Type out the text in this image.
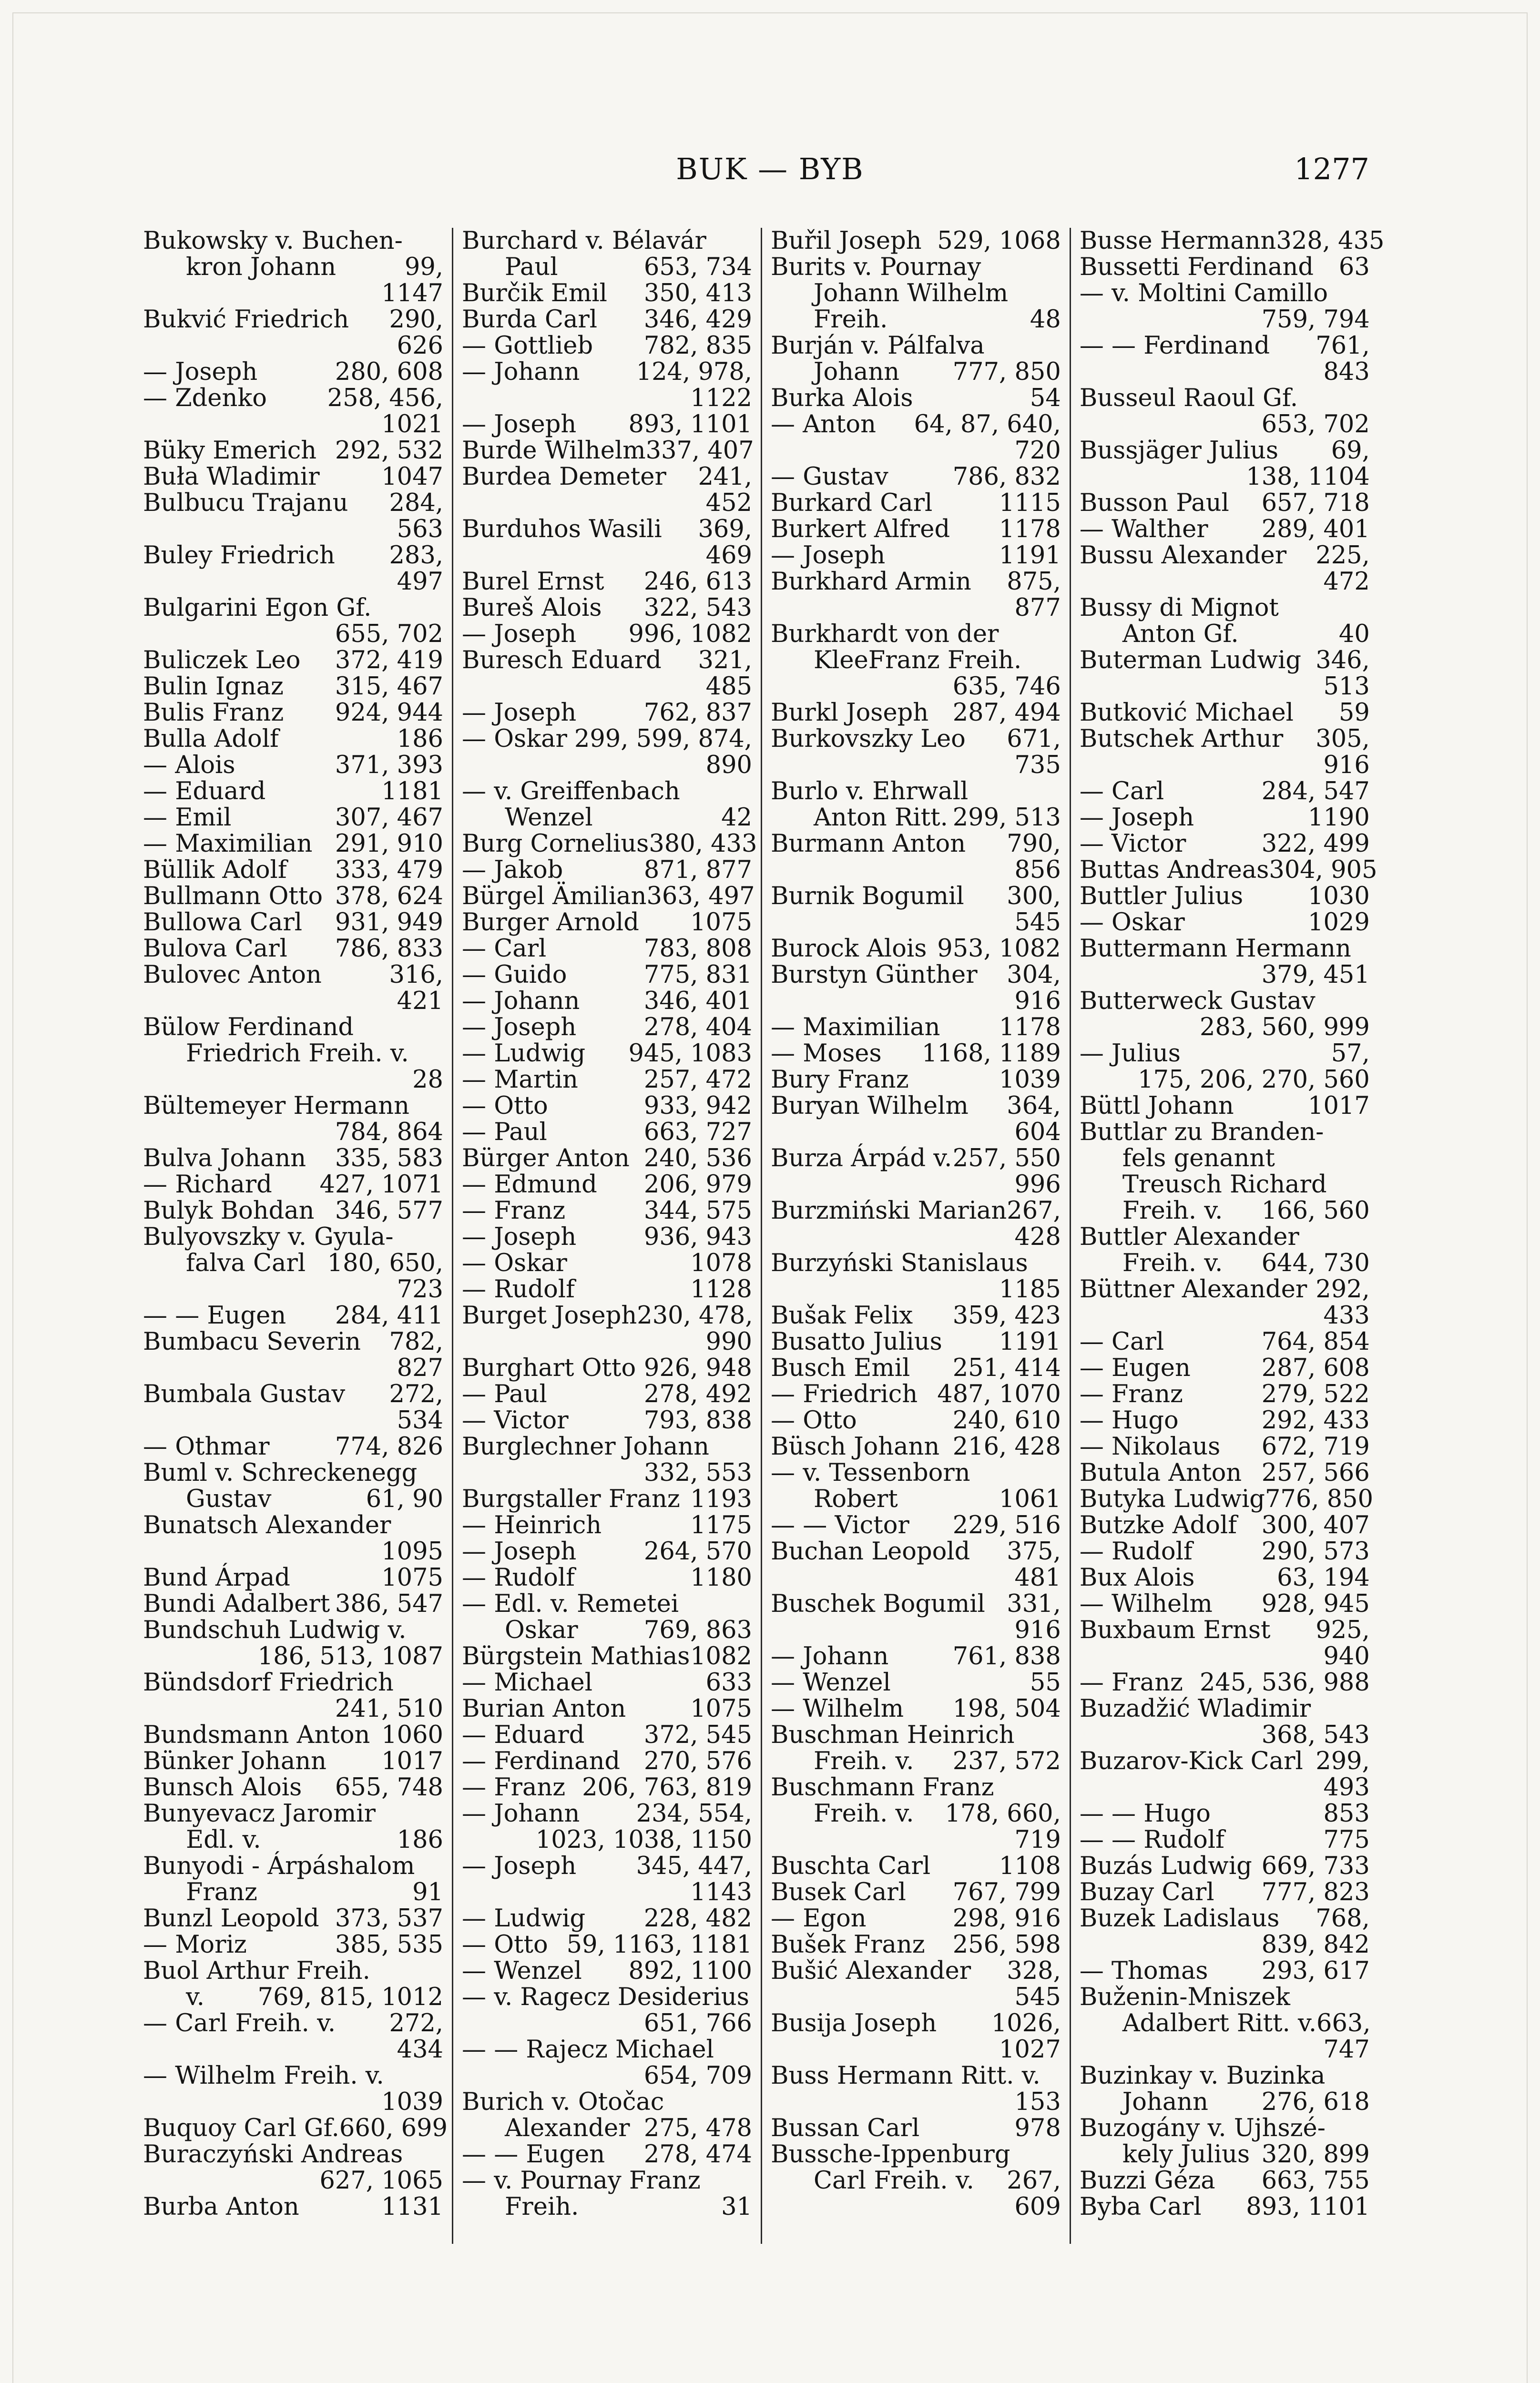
BUK — BYB	1277
Bukowsky v. Buchen-
kron Johann	99,
1147
Bukvić Friedrich 290,
626
— Joseph	280, 608
— Zdenko 258, 456,
1021
Büky Emerich 292, 532
Buła Wladimir	1047
Bulbucu Trajanu 284,
563
Buley Friedrich 283,
497
Bulgarini Egon Gf.
655, 702
Buliczek Leo 372, 419
Bulin Ignaz 315, 467
Bulis Franz 924, 944
Bulla Adolf	186
— Alois	371, 393
— Eduard	1181
— Emil	307, 467
— Maximilian 291, 910
Büllik Adolf 333, 479
Bullmann Otto 378, 624
Bullowa Carl 931, 949
Bulova Carl 786, 833
Bulovec Anton	316,
421
Bülow Ferdinand
Friedrich Freih. v.
28
Bültemeyer Hermann
784, 864
Bulva Johann 335, 583
— Richard 427, 1071
Bulyk Bohdan 346, 577
Bulyovszky v. Gyula-
falva Carl 180, 650,
723
— — Eugen 284, 411
Bumbacu Severin 782,
827
Bumbala Gustav 272,
534
— Othmar	774, 826
Buml v. Schreckenegg
Gustav	61, 90
Bunatsch Alexander
1095
Bund Árpad	1075
Bundi Adalbert 386, 547
Bundschuh Ludwig v.
186, 513, 1087
Bündsdorf Friedrich
241, 510
Bundsmann Anton 1060
Bünker Johann 1017
Bunsch Alois 655, 748
Bunyevacz Jaromir
Edl. v.	186
Bunyodi - Árpáshalom
Franz	91
Bunzl Leopold 373, 537
— Moriz	385, 535
Buol Arthur Freih.
v. 769, 815, 1012
— Carl Freih. v. 272,
434
— Wilhelm Freih. v.
1039
Buquoy Carl Gf. 660, 699
Buraczyński Andreas
627, 1065
Burba Anton	1131
Burchard v. Bélavár
Paul	653, 734
Burčik Emil 350, 413
Burda Carl 346, 429
— Gottlieb 782, 835
— Johann 124, 978,
1122
— Joseph 893, 1101
Burde Wilhelm 337, 407
Burdea Demeter 241,
452
Burduhos Wasili 369,
469
Burel Ernst 246, 613
Bureš Alois 322, 543
— Joseph 996, 1082
Buresch Eduard 321,
485
— Joseph	762, 837
— Oskar 299, 599, 874,
890
— v. Greiffenbach
Wenzel	42
Burg Cornelius 380, 433
— Jakob	871, 877
Bürgel Ämilian 363, 497
Burger Arnold 1075
— Carl	783, 808
— Guido	775, 831
— Johann	346, 401
— Joseph	278, 404
— Ludwig 945, 1083
— Martin	257, 472
— Otto	933, 942
— Paul	663, 727
Bürger Anton 240, 536
— Edmund 206, 979
— Franz	344, 575
— Joseph	936, 943
— Oskar	1078
— Rudolf	1128
Burget Joseph 230, 478,
990
Burghart Otto 926, 948
— Paul	278, 492
— Victor	793, 838
Burglechner Johann
332, 553
Burgstaller Franz 1193
— Heinrich	1175
— Joseph	264, 570
— Rudolf	1180
— Edl. v. Remetei
Oskar	769, 863
Bürgstein Mathias 1082
— Michael	633
Burian Anton	1075
— Eduard 372, 545
— Ferdinand 270, 576
— Franz 206, 763, 819
— Johann 234, 554,
1023, 1038, 1150
— Joseph 345, 447,
1143
— Ludwig 228, 482
— Otto 59, 1163, 1181
— Wenzel 892, 1100
— v. Ragecz Desiderius
651, 766
— — Rajecz Michael
654, 709
Burich v. Otočac
Alexander 275, 478
— — Eugen 278, 474
— v. Pournay Franz
Freih.	31
Buřil Joseph 529, 1068
Burits v. Pournay
Johann Wilhelm
Freih.	48
Burján v. Pálfalva
Johann 777, 850
Burka Alois	54
— Anton 64, 87, 640,
720
— Gustav	786, 832
Burkard Carl	1115
Burkert Alfred 1178
— Joseph	1191
Burkhard Armin 875,
877
Burkhardt von der
KleeFranz Freih.
635, 746
Burkl Joseph 287, 494
Burkovszky Leo 671,
735
Burlo v. Ehrwall
Anton Ritt. 299, 513
Burmann Anton 790,
856
Burnik Bogumil 300,
545
Burock Alois 953, 1082
Burstyn Günther 304,
916
— Maximilian 1178
— Moses 1168, 1189
Bury Franz	1039
Buryan Wilhelm 364,
604
Burza Árpád v. 257, 550
996
Burzmiński Marian 267,
428
Burzyński Stanislaus
1185
Bušak Felix 359, 423
Busatto Julius 1191
Busch Emil 251, 414
— Friedrich 487, 1070
— Otto	240, 610
Büsch Johann 216, 428
— v. Tessenborn
Robert	1061
— — Victor 229, 516
Buchan Leopold 375,
481
Buschek Bogumil 331,
916
— Johann	761, 838
— Wenzel	55
— Wilhelm 198, 504
Buschman Heinrich
Freih. v. 237, 572
Buschmann Franz
Freih. v. 178, 660,
719
Buschta Carl	1108
Busek Carl 767, 799
— Egon	298, 916
Bušek Franz 256, 598
Bušić Alexander 328,
545
Busija Joseph 1026,
1027
Buss Hermann Ritt. v.
153
Bussan Carl	978
Bussche-Ippenburg
Carl Freih. v. 267,
609
Busse Hermann 328, 435
Bussetti Ferdinand 63
— v. Moltini Camillo
759, 794
— — Ferdinand 761,
843
Busseul Raoul Gf.
653, 702
Bussjäger Julius 69,
138, 1104
Busson Paul 657, 718
— Walther 289, 401
Bussu Alexander 225,
472
Bussy di Mignot
Anton Gf.	40
Buterman Ludwig 346,
513
Butković Michael 59
Butschek Arthur 305,
916
— Carl	284, 547
— Joseph	1190
— Victor	322, 499
Buttas Andreas 304, 905
Buttler Julius	1030
— Oskar	1029
Buttermann Hermann
379, 451
Butterweck Gustav
283, 560, 999
— Julius	57,
175, 206, 270, 560
Büttl Johann	1017
Buttlar zu Branden-
fels genannt
Treusch Richard
Freih. v. 166, 560
Buttler Alexander
Freih. v. 644, 730
Büttner Alexander 292,
433
— Carl	764, 854
— Eugen	287, 608
— Franz	279, 522
— Hugo	292, 433
— Nikolaus 672, 719
Butula Anton 257, 566
Butyka Ludwig 776, 850
Butzke Adolf 300, 407
— Rudolf	290, 573
Bux Alois	63, 194
— Wilhelm 928, 945
Buxbaum Ernst 925,
940
— Franz 245, 536, 988
Buzadžić Wladimir
368, 543
Buzarov-Kick Carl 299,
493
— — Hugo	853
— — Rudolf	775
Buzás Ludwig 669, 733
Buzay Carl 777, 823
Buzek Ladislaus 768,
839, 842
— Thomas 293, 617
Buženin-Mniszek
Adalbert Ritt. v. 663,
747
Buzinkay v. Buzinka
Johann 276, 618
Buzogány v. Ujhszé-
kely Julius 320, 899
Buzzi Géza 663, 755
Byba Carl 893, 1101
